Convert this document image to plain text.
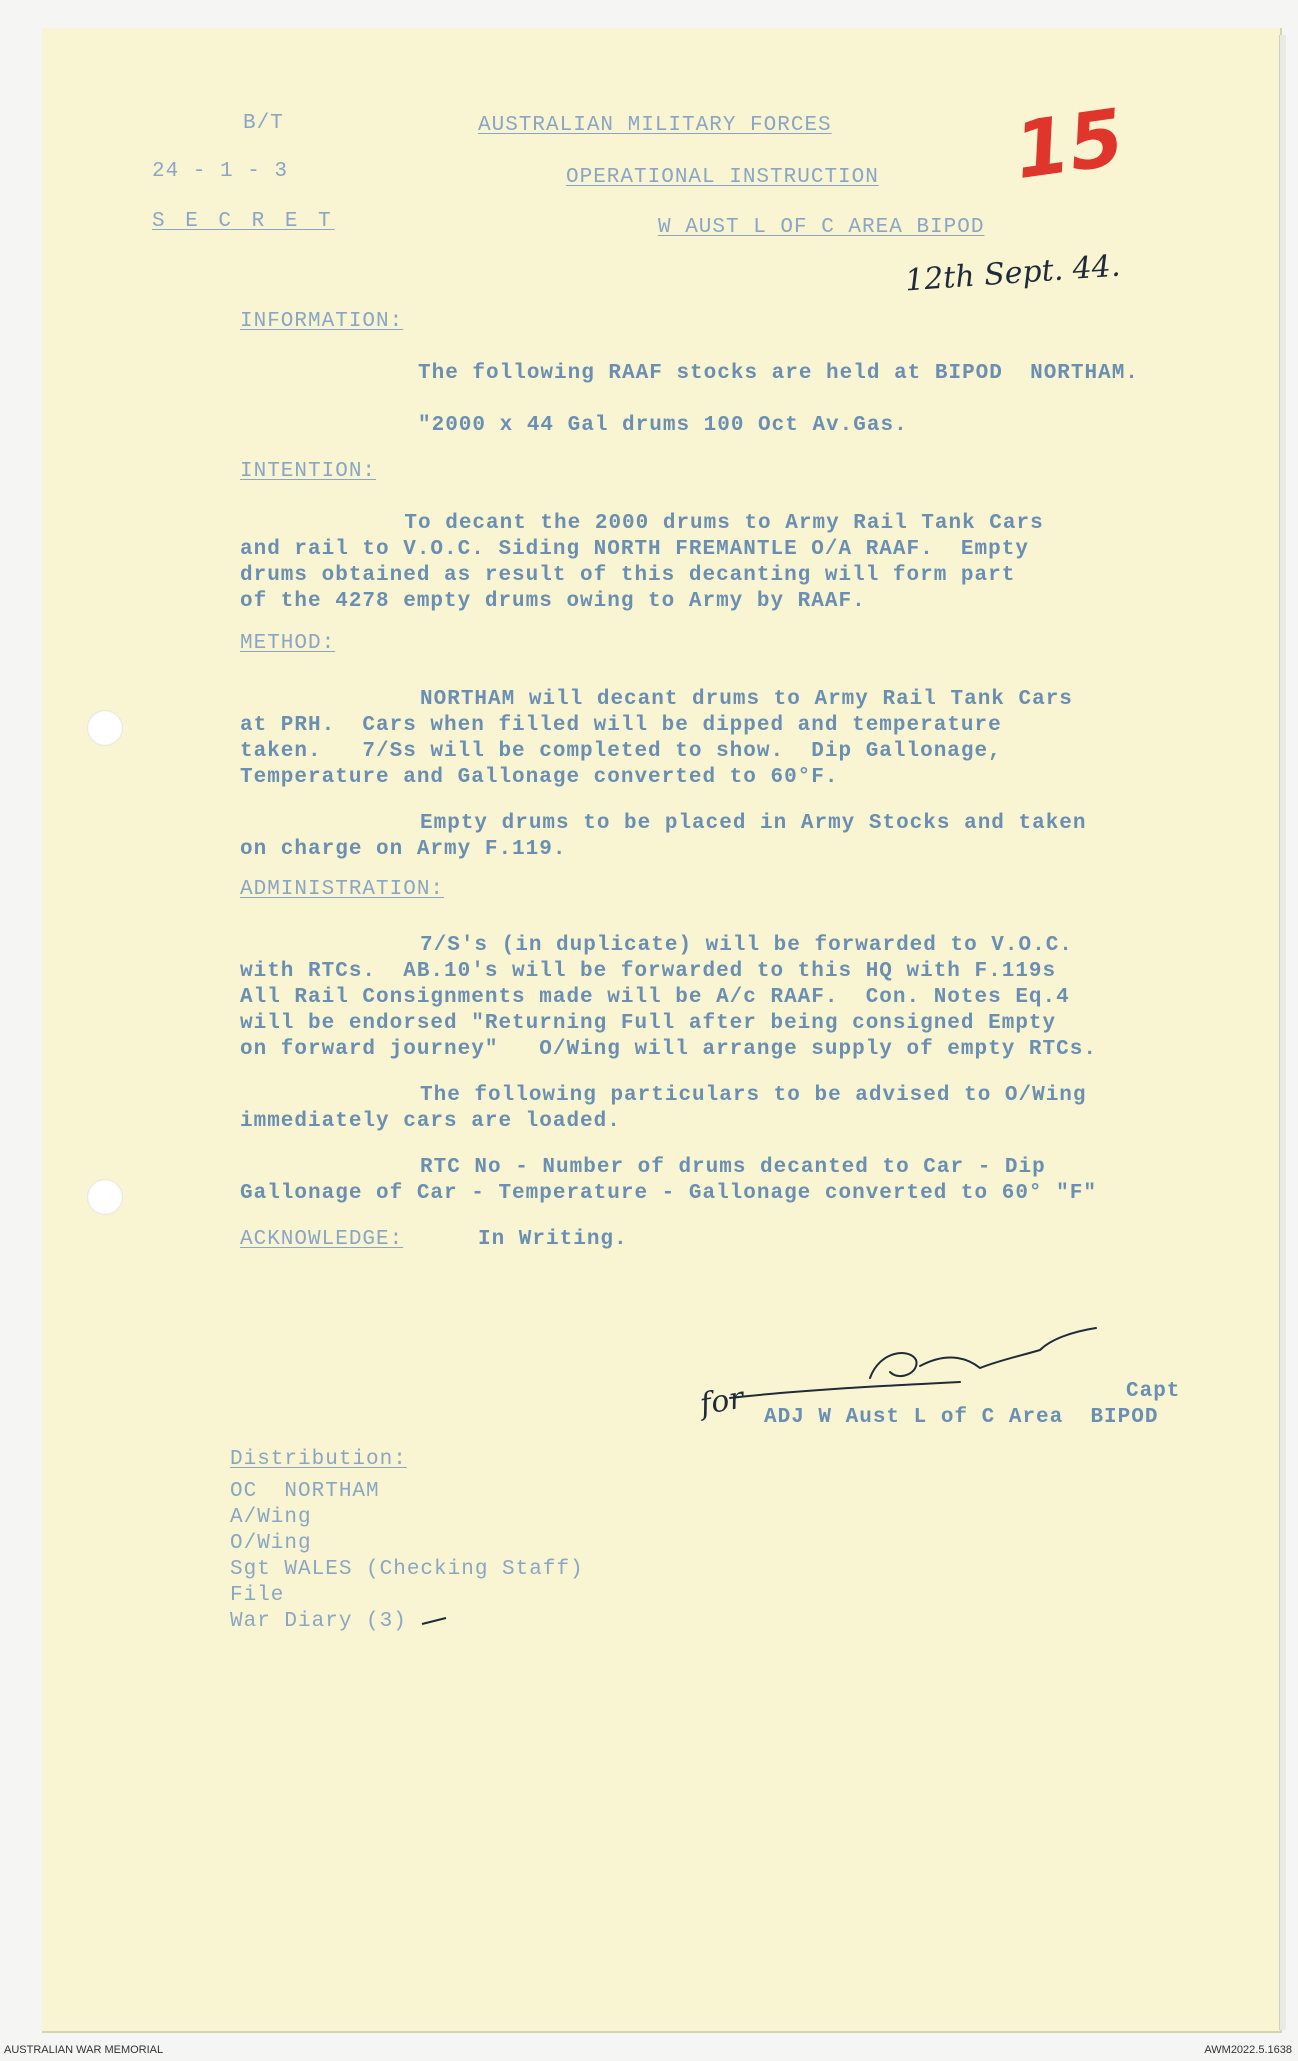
B/T
24 - 1 - 3
S E C R E T
AUSTRALIAN MILITARY FORCES
OPERATIONAL INSTRUCTION
W AUST L OF C AREA BIPOD
15
12th Sept. 44.
INFORMATION:
The following RAAF stocks are held at BIPOD  NORTHAM.
"2000 x 44 Gal drums 100 Oct Av.Gas.
INTENTION:
To decant the 2000 drums to Army Rail Tank Cars
and rail to V.O.C. Siding NORTH FREMANTLE O/A RAAF.  Empty
drums obtained as result of this decanting will form part
of the 4278 empty drums owing to Army by RAAF.
METHOD:
NORTHAM will decant drums to Army Rail Tank Cars
at PRH.  Cars when filled will be dipped and temperature
taken.   7/Ss will be completed to show.  Dip Gallonage,
Temperature and Gallonage converted to 60°F.
Empty drums to be placed in Army Stocks and taken
on charge on Army F.119.
ADMINISTRATION:
7/S's (in duplicate) will be forwarded to V.O.C.
with RTCs.  AB.10's will be forwarded to this HQ with F.119s
All Rail Consignments made will be A/c RAAF.  Con. Notes Eq.4
will be endorsed "Returning Full after being consigned Empty
on forward journey"   O/Wing will arrange supply of empty RTCs.
The following particulars to be advised to O/Wing
immediately cars are loaded.
RTC No - Number of drums decanted to Car - Dip
Gallonage of Car - Temperature - Gallonage converted to 60° "F"
ACKNOWLEDGE:	In Writing.
for	Capt
ADJ W Aust L of C Area  BIPOD
Distribution:
OC  NORTHAM
A/Wing
O/Wing
Sgt WALES (Checking Staff)
File
War Diary (3)
AUSTRALIAN WAR MEMORIAL	AWM2022.5.1638
